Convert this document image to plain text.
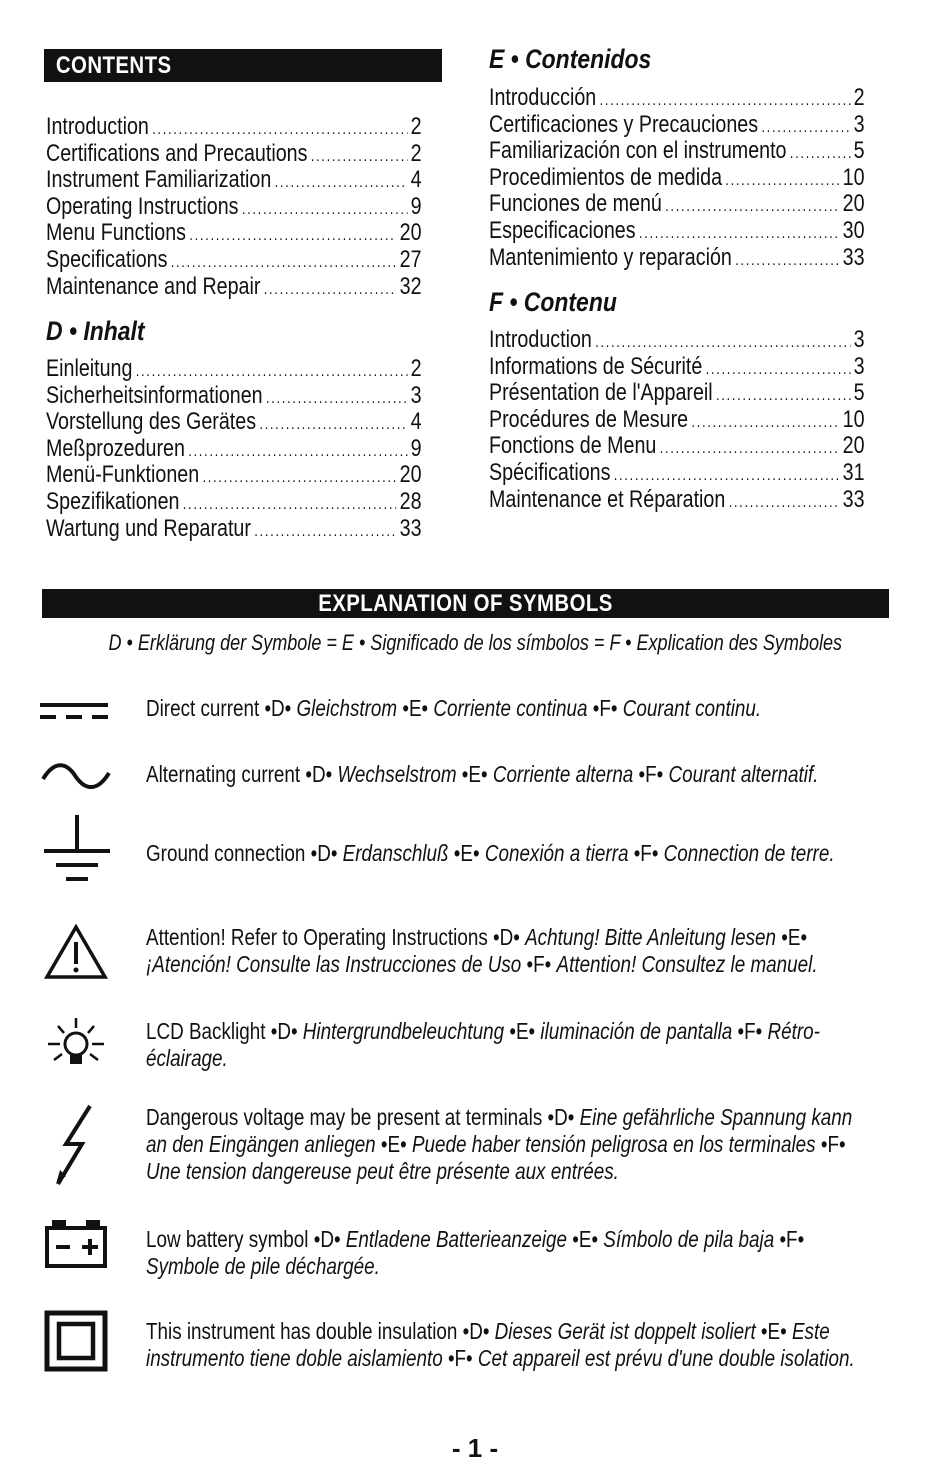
CONTENTS
Introduction .....	2
Certifications and Precautions .....	2
Instrument Familiarization .....	4
Operating Instructions .....	9
Menu Functions .....	20
Specifications .....	27
Maintenance and Repair .....	32
D • Inhalt
Einleitung .....	2
Sicherheitsinformationen .....	3
Vorstellung des Gerätes .....	4
Meßprozeduren .....	9
Menü-Funktionen .....	20
Spezifikationen .....	28
Wartung und Reparatur .....	33
E • Contenidos
Introducción .....	2
Certificaciones y Precauciones .....	3
Familiarización con el instrumento .....	5
Procedimientos de medida .....	10
Funciones de menú .....	20
Especificaciones .....	30
Mantenimiento y reparación .....	33
F • Contenu
Introduction .....	3
Informations de Sécurité .....	3
Présentation de l'Appareil .....	5
Procédures de Mesure .....	10
Fonctions de Menu .....	20
Spécifications .....	31
Maintenance et Réparation .....	33
EXPLANATION OF SYMBOLS
D • Erklärung der Symbole = E • Significado de los símbolos = F • Explication des Symboles
Direct current •D• Gleichstrom •E• Corriente continua •F• Courant continu.
Alternating current •D• Wechselstrom •E• Corriente alterna •F• Courant alternatif.
Ground connection •D• Erdanschluß •E• Conexión a tierra •F• Connection de terre.
Attention! Refer to Operating Instructions •D• Achtung! Bitte Anleitung lesen •E•
¡Atención! Consulte las Instrucciones de Uso •F• Attention! Consultez le manuel.
LCD Backlight •D• Hintergrundbeleuchtung •E• iluminación de pantalla •F• Rétro-éclairage.
Dangerous voltage may be present at terminals •D• Eine gefährliche Spannung kann an den Eingängen anliegen •E• Puede haber tensión peligrosa en los terminales •F• Une tension dangereuse peut être présente aux entrées.
Low battery symbol •D• Entladene Batterieanzeige •E• Símbolo de pila baja •F• Symbole de pile déchargée.
This instrument has double insulation •D• Dieses Gerät ist doppelt isoliert •E• Este instrumento tiene doble aislamiento •F• Cet appareil est prévu d'une double isolation.
- 1 -
